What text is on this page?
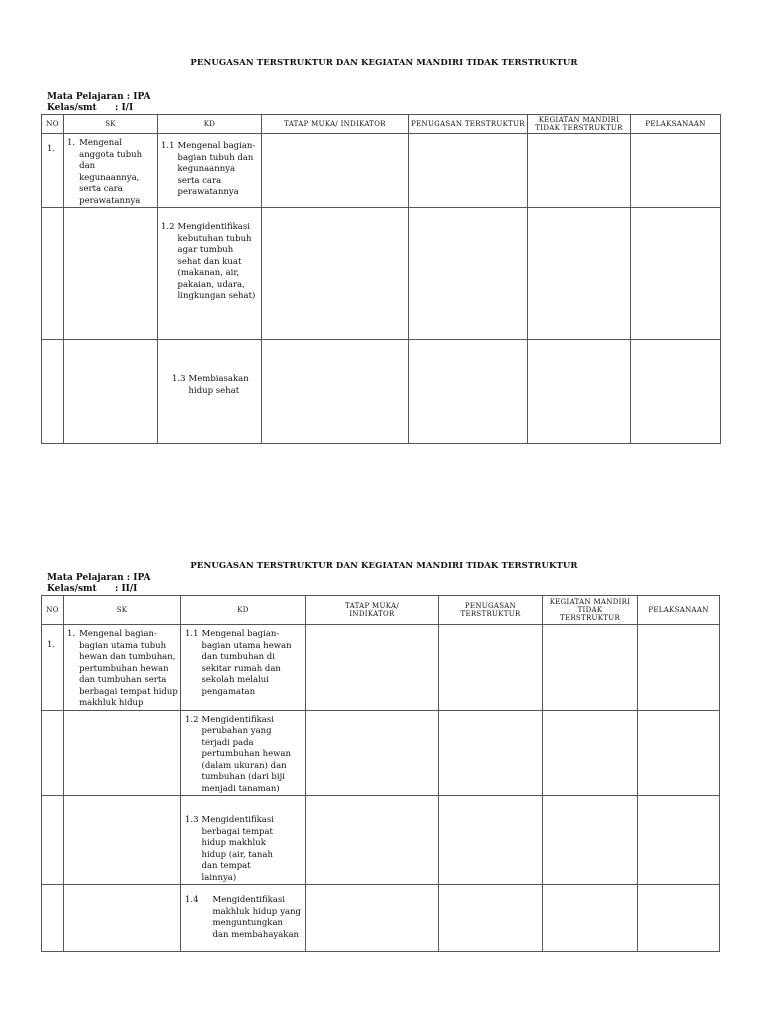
PENUGASAN TERSTRUKTUR DAN KEGIATAN MANDIRI TIDAK TERSTRUKTUR
Mata Pelajaran : IPA
Kelas/smt : I/I
NO	SK	KD	TATAP MUKA/ INDIKATOR	PENUGASAN TERSTRUKTUR	KEGIATAN MANDIRI TIDAK TERSTRUKTUR	PELAKSANAAN
1.	1. Mengenal anggota tubuh dan kegunaannya, serta cara perawatannya	1.1 Mengenal bagian-bagian tubuh dan kegunaannya serta cara perawatannya				

		1.2 Mengidentifikasi kebutuhan tubuh agar tumbuh sehat dan kuat (makanan, air, pakaian, udara, lingkungan sehat)				

		1.3 Membiasakan hidup sehat				

PENUGASAN TERSTRUKTUR DAN KEGIATAN MANDIRI TIDAK TERSTRUKTUR
Mata Pelajaran : IPA
Kelas/smt : II/I
NO	SK	KD	TATAP MUKA/ INDIKATOR	PENUGASAN TERSTRUKTUR	KEGIATAN MANDIRI TIDAK TERSTRUKTUR	PELAKSANAAN
1.	1. Mengenal bagian-bagian utama tubuh hewan dan tumbuhan, pertumbuhan hewan dan tumbuhan serta berbagai tempat hidup makhluk hidup	1.1 Mengenal bagian-bagian utama hewan dan tumbuhan di sekitar rumah dan sekolah melalui pengamatan				

		1.2 Mengidentifikasi perubahan yang terjadi pada pertumbuhan hewan (dalam ukuran) dan tumbuhan (dari biji menjadi tanaman)				

		1.3 Mengidentifikasi berbagai tempat hidup makhluk hidup (air, tanah dan tempat lainnya)				

		1.4 Mengidentifikasi makhluk hidup yang menguntungkan dan membahayakan				
